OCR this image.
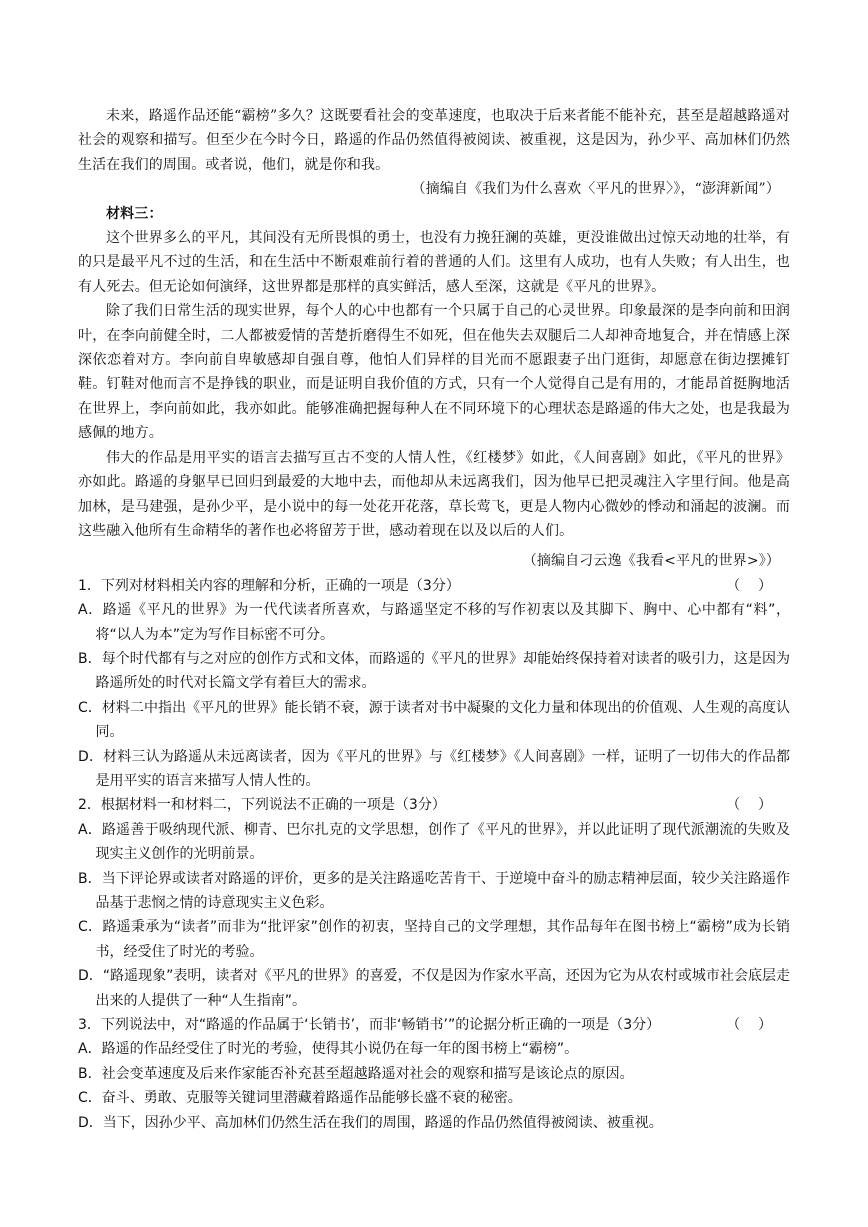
未来，路遥作品还能“霸榜”多久？这既要看社会的变革速度，也取决于后来者能不能补充，甚至是超越路遥对社会的观察和描写。但至少在今时今日，路遥的作品仍然值得被阅读、被重视，这是因为，孙少平、高加林们仍然生活在我们的周围。或者说，他们，就是你和我。

（摘编自《我们为什么喜欢〈平凡的世界〉》，“澎湃新闻”）

材料三：

这个世界多么的平凡，其间没有无所畏惧的勇士，也没有力挽狂澜的英雄，更没谁做出过惊天动地的壮举，有的只是最平凡不过的生活，和在生活中不断艰难前行着的普通的人们。这里有人成功，也有人失败；有人出生，也有人死去。但无论如何演绎，这世界都是那样的真实鲜活，感人至深，这就是《平凡的世界》。

除了我们日常生活的现实世界，每个人的心中也都有一个只属于自己的心灵世界。印象最深的是李向前和田润叶，在李向前健全时，二人都被爱情的苦楚折磨得生不如死，但在他失去双腿后二人却神奇地复合，并在情感上深深依恋着对方。李向前自卑敏感却自强自尊，他怕人们异样的目光而不愿跟妻子出门逛街，却愿意在街边摆摊钉鞋。钉鞋对他而言不是挣钱的职业，而是证明自我价值的方式，只有一个人觉得自己是有用的，才能昂首挺胸地活在世界上，李向前如此，我亦如此。能够准确把握每种人在不同环境下的心理状态是路遥的伟大之处，也是我最为感佩的地方。

伟大的作品是用平实的语言去描写亘古不变的人情人性，《红楼梦》如此，《人间喜剧》如此，《平凡的世界》亦如此。路遥的身躯早已回归到最爱的大地中去，而他却从未远离我们，因为他早已把灵魂注入字里行间。他是高加林，是马建强，是孙少平，是小说中的每一处花开花落，草长莺飞，更是人物内心微妙的悸动和涌起的波澜。而这些融入他所有生命精华的著作也必将留芳于世，感动着现在以及以后的人们。

（摘编自刁云逸《我看<平凡的世界>》）

1．下列对材料相关内容的理解和分析，正确的一项是（3分）	（    ）

A．路遥《平凡的世界》为一代代读者所喜欢，与路遥坚定不移的写作初衷以及其脚下、胸中、心中都有“料”，将“以人为本”定为写作目标密不可分。

B．每个时代都有与之对应的创作方式和文体，而路遥的《平凡的世界》却能始终保持着对读者的吸引力，这是因为路遥所处的时代对长篇文学有着巨大的需求。

C．材料二中指出《平凡的世界》能长销不衰，源于读者对书中凝聚的文化力量和体现出的价值观、人生观的高度认同。

D．材料三认为路遥从未远离读者，因为《平凡的世界》与《红楼梦》《人间喜剧》一样，证明了一切伟大的作品都是用平实的语言来描写人情人性的。

2．根据材料一和材料二，下列说法不正确的一项是（3分）	（    ）

A．路遥善于吸纳现代派、柳青、巴尔扎克的文学思想，创作了《平凡的世界》，并以此证明了现代派潮流的失败及现实主义创作的光明前景。

B．当下评论界或读者对路遥的评价，更多的是关注路遥吃苦肯干、于逆境中奋斗的励志精神层面，较少关注路遥作品基于悲悯之情的诗意现实主义色彩。

C．路遥秉承为“读者”而非为“批评家”创作的初衷，坚持自己的文学理想，其作品每年在图书榜上“霸榜”成为长销书，经受住了时光的考验。

D．“路遥现象”表明，读者对《平凡的世界》的喜爱，不仅是因为作家水平高，还因为它为从农村或城市社会底层走出来的人提供了一种“人生指南”。

3．下列说法中，对“路遥的作品属于‘长销书’，而非‘畅销书’”的论据分析正确的一项是（3分）	（    ）

A．路遥的作品经受住了时光的考验，使得其小说仍在每一年的图书榜上“霸榜”。

B．社会变革速度及后来作家能否补充甚至超越路遥对社会的观察和描写是该论点的原因。

C．奋斗、勇敢、克服等关键词里潜藏着路遥作品能够长盛不衰的秘密。

D．当下，因孙少平、高加林们仍然生活在我们的周围，路遥的作品仍然值得被阅读、被重视。
